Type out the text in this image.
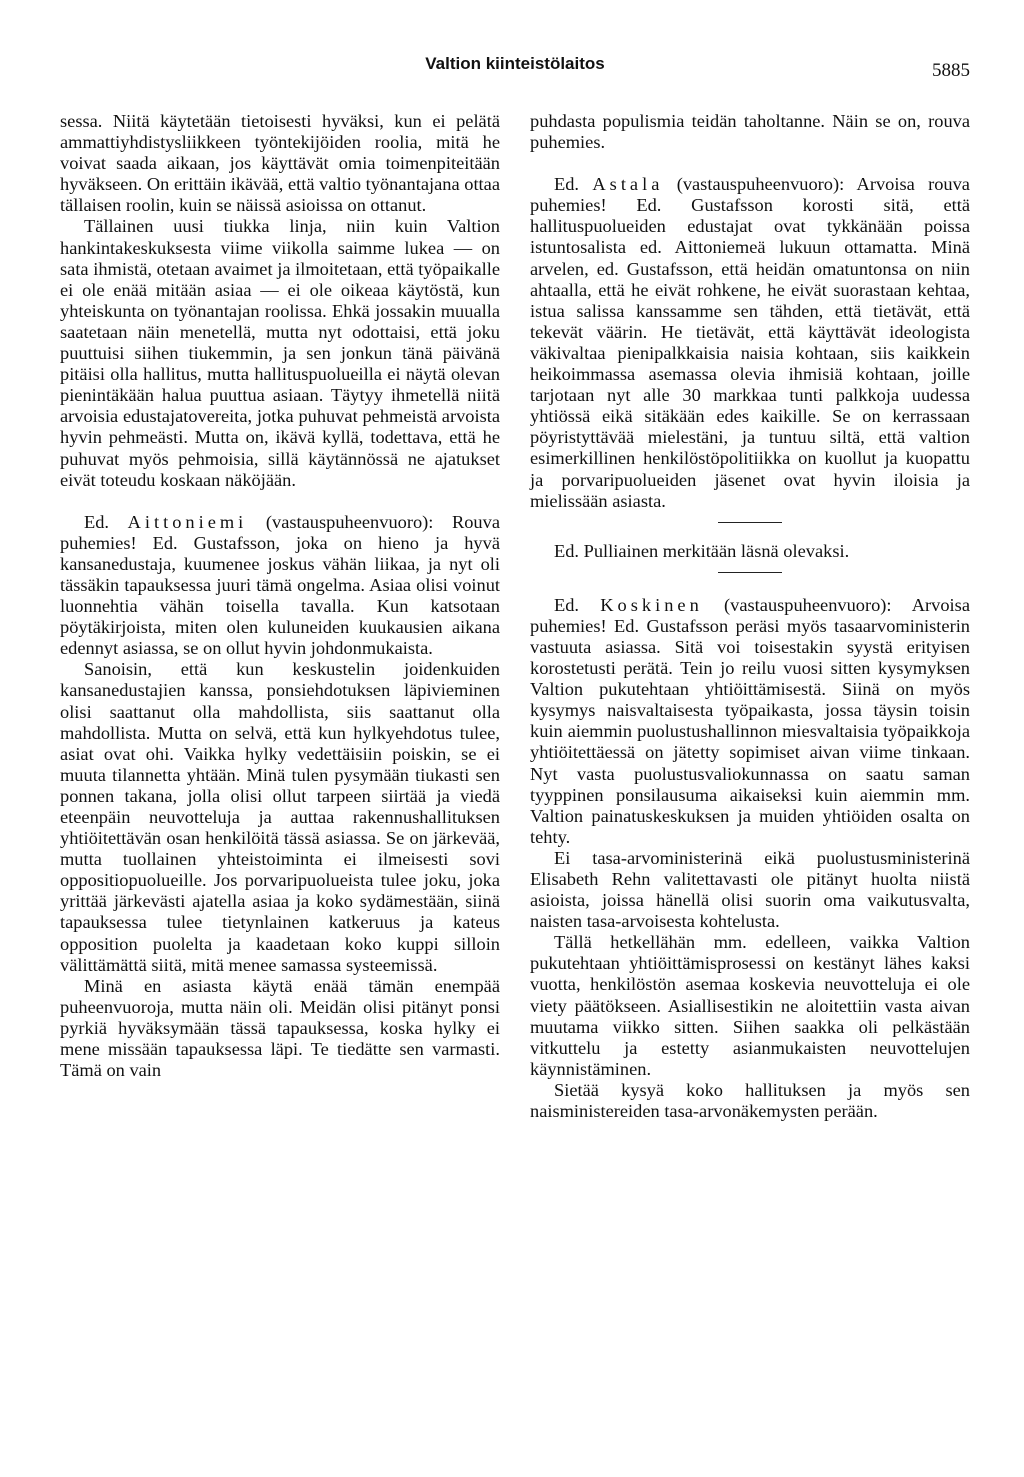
Valtion kiinteistölaitos	5885

sessa. Niitä käytetään tietoisesti hyväksi, kun ei pelätä ammattiyhdistysliikkeen työntekijöiden roolia, mitä he voivat saada aikaan, jos käyttävät omia toimenpiteitään hyväkseen. On erittäin ikävää, että valtio työnantajana ottaa tällaisen roolin, kuin se näissä asioissa on ottanut.

Tällainen uusi tiukka linja, niin kuin Valtion hankintakeskuksesta viime viikolla saimme lukea — on sata ihmistä, otetaan avaimet ja ilmoitetaan, että työpaikalle ei ole enää mitään asiaa — ei ole oikeaa käytöstä, kun yhteiskunta on työnantajan roolissa. Ehkä jossakin muualla saatetaan näin menetellä, mutta nyt odottaisi, että joku puuttuisi siihen tiukemmin, ja sen jonkun tänä päivänä pitäisi olla hallitus, mutta hallituspuolueilla ei näytä olevan pienintäkään halua puuttua asiaan. Täytyy ihmetellä niitä arvoisia edustajatovereita, jotka puhuvat pehmeistä arvoista hyvin pehmeästi. Mutta on, ikävä kyllä, todettava, että he puhuvat myös pehmoisia, sillä käytännössä ne ajatukset eivät toteudu koskaan näköjään.

Ed. Aittoniemi (vastauspuheenvuoro): Rouva puhemies! Ed. Gustafsson, joka on hieno ja hyvä kansanedustaja, kuumenee joskus vähän liikaa, ja nyt oli tässäkin tapauksessa juuri tämä ongelma. Asiaa olisi voinut luonnehtia vähän toisella tavalla. Kun katsotaan pöytäkirjoista, miten olen kuluneiden kuukausien aikana edennyt asiassa, se on ollut hyvin johdonmukaista.

Sanoisin, että kun keskustelin joidenkuiden kansanedustajien kanssa, ponsiehdotuksen läpivieminen olisi saattanut olla mahdollista, siis saattanut olla mahdollista. Mutta on selvä, että kun hylkyehdotus tulee, asiat ovat ohi. Vaikka hylky vedettäisiin poiskin, se ei muuta tilannetta yhtään. Minä tulen pysymään tiukasti sen ponnen takana, jolla olisi ollut tarpeen siirtää ja viedä eteenpäin neuvotteluja ja auttaa rakennushallituksen yhtiöitettävän osan henkilöitä tässä asiassa. Se on järkevää, mutta tuollainen yhteistoiminta ei ilmeisesti sovi oppositiopuolueille. Jos porvaripuolueista tulee joku, joka yrittää järkevästi ajatella asiaa ja koko sydämestään, siinä tapauksessa tulee tietynlainen katkeruus ja kateus opposition puolelta ja kaadetaan koko kuppi silloin välittämättä siitä, mitä menee samassa systeemissä.

Minä en asiasta käytä enää tämän enempää puheenvuoroja, mutta näin oli. Meidän olisi pitänyt ponsi pyrkiä hyväksymään tässä tapauksessa, koska hylky ei mene missään tapauksessa läpi. Te tiedätte sen varmasti. Tämä on vain

puhdasta populismia teidän taholtanne. Näin se on, rouva puhemies.

Ed. Astala (vastauspuheenvuoro): Arvoisa rouva puhemies! Ed. Gustafsson korosti sitä, että hallituspuolueiden edustajat ovat tykkänään poissa istuntosalista ed. Aittoniemeä lukuun ottamatta. Minä arvelen, ed. Gustafsson, että heidän omatuntonsa on niin ahtaalla, että he eivät rohkene, he eivät suorastaan kehtaa, istua salissa kanssamme sen tähden, että tietävät, että tekevät väärin. He tietävät, että käyttävät ideologista väkivaltaa pienipalkkaisia naisia kohtaan, siis kaikkein heikoimmassa asemassa olevia ihmisiä kohtaan, joille tarjotaan nyt alle 30 markkaa tunti palkkoja uudessa yhtiössä eikä sitäkään edes kaikille. Se on kerrassaan pöyristyttävää mielestäni, ja tuntuu siltä, että valtion esimerkillinen henkilöstöpolitiikka on kuollut ja kuopattu ja porvaripuolueiden jäsenet ovat hyvin iloisia ja mielissään asiasta.

Ed. Pulliainen merkitään läsnä olevaksi.

Ed. Koskinen (vastauspuheenvuoro): Arvoisa puhemies! Ed. Gustafsson peräsi myös tasaarvoministerin vastuuta asiassa. Sitä voi toisestakin syystä erityisen korostetusti perätä. Tein jo reilu vuosi sitten kysymyksen Valtion pukutehtaan yhtiöittämisestä. Siinä on myös kysymys naisvaltaisesta työpaikasta, jossa täysin toisin kuin aiemmin puolustushallinnon miesvaltaisia työpaikkoja yhtiöitettäessä on jätetty sopimiset aivan viime tinkaan. Nyt vasta puolustusvaliokunnassa on saatu saman tyyppinen ponsilausuma aikaiseksi kuin aiemmin mm. Valtion painatuskeskuksen ja muiden yhtiöiden osalta on tehty.

Ei tasa-arvoministerinä eikä puolustusministerinä Elisabeth Rehn valitettavasti ole pitänyt huolta niistä asioista, joissa hänellä olisi suorin oma vaikutusvalta, naisten tasa-arvoisesta kohtelusta.

Tällä hetkellähän mm. edelleen, vaikka Valtion pukutehtaan yhtiöittämisprosessi on kestänyt lähes kaksi vuotta, henkilöstön asemaa koskevia neuvotteluja ei ole viety päätökseen. Asiallisestikin ne aloitettiin vasta aivan muutama viikko sitten. Siihen saakka oli pelkästään vitkuttelu ja estetty asianmukaisten neuvottelujen käynnistäminen.

Sietää kysyä koko hallituksen ja myös sen naisministereiden tasa-arvonäkemysten perään.
